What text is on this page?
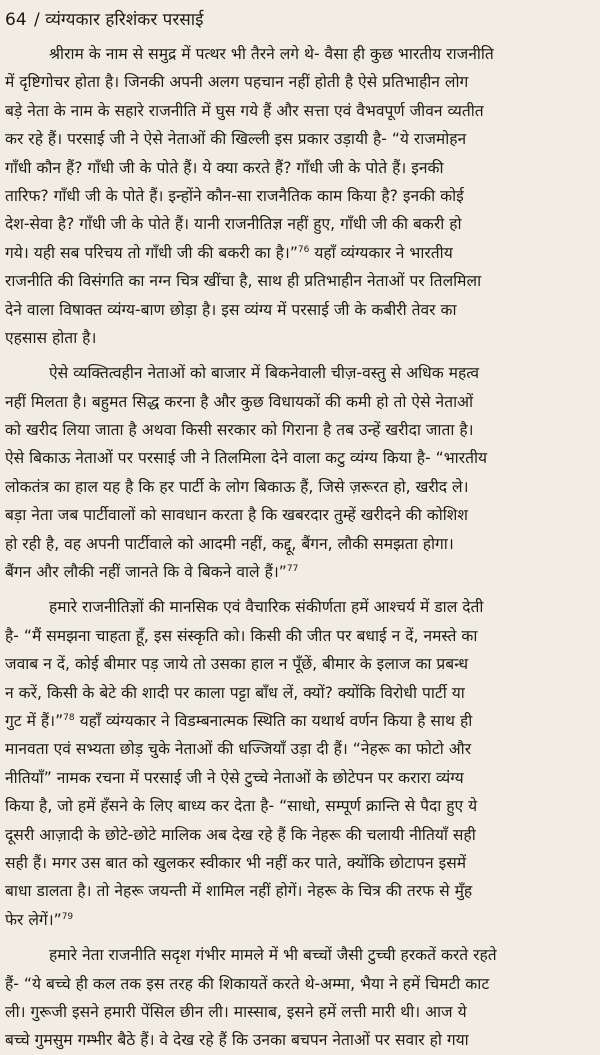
64 / व्यंग्यकार हरिशंकर परसाई
श्रीराम के नाम से समुद्र में पत्थर भी तैरने लगे थे- वैसा ही कुछ भारतीय राजनीति
में दृष्टिगोचर होता है। जिनकी अपनी अलग पहचान नहीं होती है ऐसे प्रतिभाहीन लोग
बड़े नेता के नाम के सहारे राजनीति में घुस गये हैं और सत्ता एवं वैभवपूर्ण जीवन व्यतीत
कर रहे हैं। परसाई जी ने ऐसे नेताओं की खिल्ली इस प्रकार उड़ायी है- “ये राजमोहन
गाँधी कौन हैं? गाँधी जी के पोते हैं। ये क्या करते हैं? गाँधी जी के पोते हैं। इनकी
तारिफ? गाँधी जी के पोते हैं। इन्होंने कौन-सा राजनैतिक काम किया है? इनकी कोई
देश-सेवा है? गाँधी जी के पोते हैं। यानी राजनीतिज्ञ नहीं हुए, गाँधी जी की बकरी हो
गये। यही सब परिचय तो गाँधी जी की बकरी का है।”$^{76}$ यहाँ व्यंग्यकार ने भारतीय
राजनीति की विसंगति का नग्न चित्र खींचा है, साथ ही प्रतिभाहीन नेताओं पर तिलमिला
देने वाला विषाक्त व्यंग्य-बाण छोड़ा है। इस व्यंग्य में परसाई जी के कबीरी तेवर का
एहसास होता है।
ऐसे व्यक्तित्वहीन नेताओं को बाजार में बिकनेवाली चीज़-वस्तु से अधिक महत्व
नहीं मिलता है। बहुमत सिद्ध करना है और कुछ विधायकों की कमी हो तो ऐसे नेताओं
को खरीद लिया जाता है अथवा किसी सरकार को गिराना है तब उन्हें खरीदा जाता है।
ऐसे बिकाऊ नेताओं पर परसाई जी ने तिलमिला देने वाला कटु व्यंग्य किया है- “भारतीय
लोकतंत्र का हाल यह है कि हर पार्टी के लोग बिकाऊ हैं, जिसे ज़रूरत हो, खरीद ले।
बड़ा नेता जब पार्टीवालों को सावधान करता है कि खबरदार तुम्हें खरीदने की कोशिश
हो रही है, वह अपनी पार्टीवाले को आदमी नहीं, कद्दू, बैंगन, लौकी समझता होगा।
बैंगन और लौकी नहीं जानते कि वे बिकने वाले हैं।”$^{77}$
हमारे राजनीतिज्ञों की मानसिक एवं वैचारिक संकीर्णता हमें आश्चर्य में डाल देती
है- “मैं समझना चाहता हूँ, इस संस्कृति को। किसी की जीत पर बधाई न दें, नमस्ते का
जवाब न दें, कोई बीमार पड़ जाये तो उसका हाल न पूँछें, बीमार के इलाज का प्रबन्ध
न करें, किसी के बेटे की शादी पर काला पट्टा बाँध लें, क्यों? क्योंकि विरोधी पार्टी या
गुट में हैं।”$^{78}$ यहाँ व्यंग्यकार ने विडम्बनात्मक स्थिति का यथार्थ वर्णन किया है साथ ही
मानवता एवं सभ्यता छोड़ चुके नेताओं की धज्जियाँ उड़ा दी हैं। “नेहरू का फोटो और
नीतियाँ” नामक रचना में परसाई जी ने ऐसे टुच्चे नेताओं के छोटेपन पर करारा व्यंग्य
किया है, जो हमें हँसने के लिए बाध्य कर देता है- “साधो, सम्पूर्ण क्रान्ति से पैदा हुए ये
दूसरी आज़ादी के छोटे-छोटे मालिक अब देख रहे हैं कि नेहरू की चलायी नीतियाँ सही
सही हैं। मगर उस बात को खुलकर स्वीकार भी नहीं कर पाते, क्योंकि छोटापन इसमें
बाधा डालता है। तो नेहरू जयन्ती में शामिल नहीं होगें। नेहरू के चित्र की तरफ से मुँह
फेर लेगें।”$^{79}$
हमारे नेता राजनीति सदृश गंभीर मामले में भी बच्चों जैसी टुच्ची हरकतें करते रहते
हैं- “ये बच्चे ही कल तक इस तरह की शिकायतें करते थे-अम्मा, भैया ने हमें चिमटी काट
ली। गुरूजी इसने हमारी पेंसिल छीन ली। मास्साब, इसने हमें लत्ती मारी थी। आज ये
बच्चे गुमसुम गम्भीर बैठे हैं। वे देख रहे हैं कि उनका बचपन नेताओं पर सवार हो गया
